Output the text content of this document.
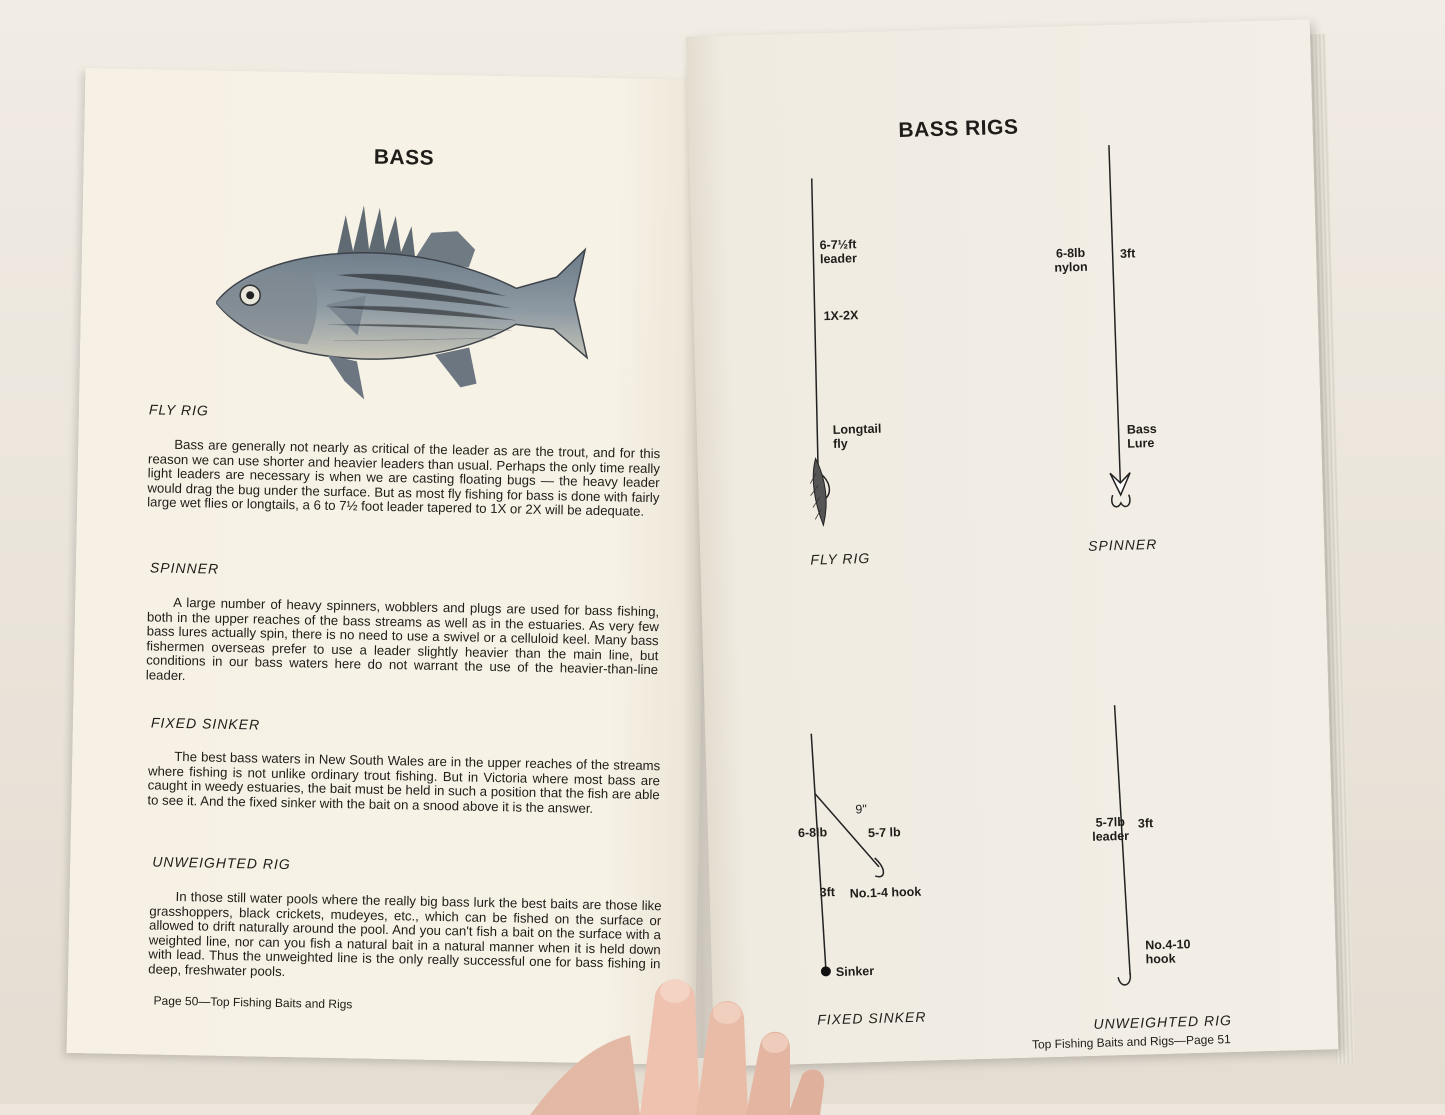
BASS
FLY RIG
Bass are generally not nearly as critical of the leader as are the trout, and for this reason we can use shorter and heavier leaders than usual. Perhaps the only time really light leaders are necessary is when we are casting floating bugs — the heavy leader would drag the bug under the surface. But as most fly fishing for bass is done with fairly large wet flies or longtails, a 6 to 7½ foot leader tapered to 1X or 2X will be adequate.
SPINNER
A large number of heavy spinners, wobblers and plugs are used for bass fishing, both in the upper reaches of the bass streams as well as in the estuaries. As very few bass lures actually spin, there is no need to use a swivel or a celluloid keel. Many bass fishermen overseas prefer to use a leader slightly heavier than the main line, but conditions in our bass waters here do not warrant the use of the heavier-than-line leader.
FIXED SINKER
The best bass waters in New South Wales are in the upper reaches of the streams where fishing is not unlike ordinary trout fishing. But in Victoria where most bass are caught in weedy estuaries, the bait must be held in such a position that the fish are able to see it. And the fixed sinker with the bait on a snood above it is the answer.
UNWEIGHTED RIG
In those still water pools where the really big bass lurk the best baits are those like grasshoppers, black crickets, mudeyes, etc., which can be fished on the surface or allowed to drift naturally around the pool. And you can't fish a bait on the surface with a weighted line, nor can you fish a natural bait in a natural manner when it is held down with lead. Thus the unweighted line is the only really successful one for bass fishing in deep, freshwater pools.
Page 50—Top Fishing Baits and Rigs
BASS RIGS
6-7½ft
leader
1X-2X
Longtail
fly
FLY RIG
6-8lb
nylon
3ft
Bass
Lure
SPINNER
9"
6-8lb	5-7 lb
3ft No.1-4 hook
Sinker
FIXED SINKER
5-7lb
leader
3ft
No.4-10
hook
UNWEIGHTED RIG
Top Fishing Baits and Rigs—Page 51
